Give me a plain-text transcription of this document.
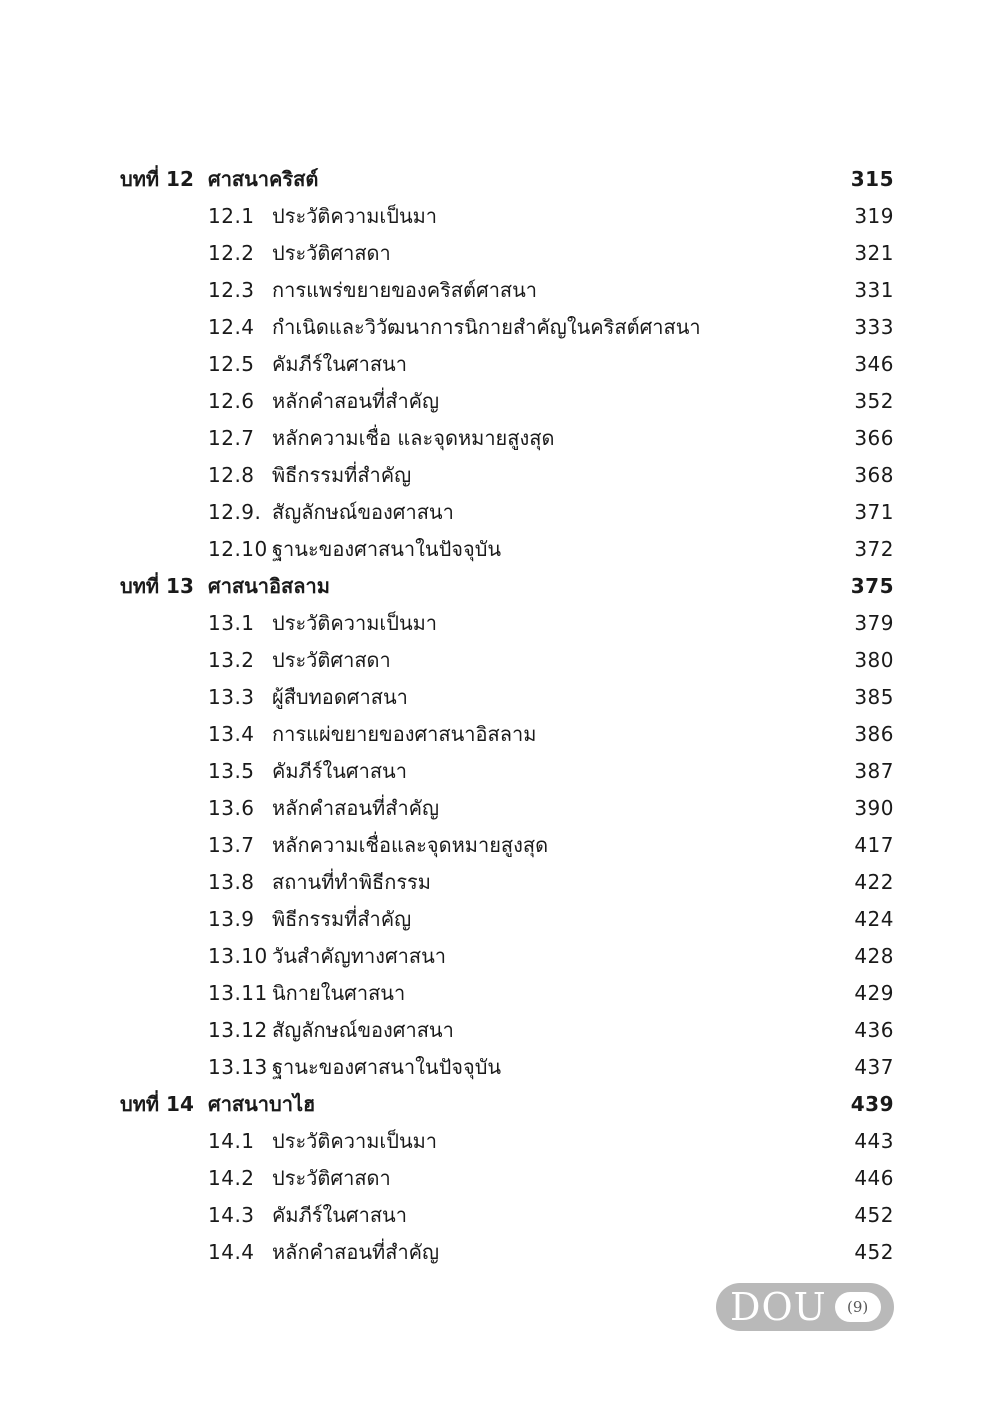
บทที่ 12 ศาสนาคริสต์	315
12.1 ประวัติความเป็นมา	319
12.2 ประวัติศาสดา	321
12.3 การแพร่ขยายของคริสต์ศาสนา	331
12.4 กำเนิดและวิวัฒนาการนิกายสำคัญในคริสต์ศาสนา	333
12.5 คัมภีร์ในศาสนา	346
12.6 หลักคำสอนที่สำคัญ	352
12.7 หลักความเชื่อ และจุดหมายสูงสุด	366
12.8 พิธีกรรมที่สำคัญ	368
12.9. สัญลักษณ์ของศาสนา	371
12.10 ฐานะของศาสนาในปัจจุบัน	372
บทที่ 13 ศาสนาอิสลาม	375
13.1 ประวัติความเป็นมา	379
13.2 ประวัติศาสดา	380
13.3 ผู้สืบทอดศาสนา	385
13.4 การแผ่ขยายของศาสนาอิสลาม	386
13.5 คัมภีร์ในศาสนา	387
13.6 หลักคำสอนที่สำคัญ	390
13.7 หลักความเชื่อและจุดหมายสูงสุด	417
13.8 สถานที่ทำพิธีกรรม	422
13.9 พิธีกรรมที่สำคัญ	424
13.10 วันสำคัญทางศาสนา	428
13.11 นิกายในศาสนา	429
13.12 สัญลักษณ์ของศาสนา	436
13.13 ฐานะของศาสนาในปัจจุบัน	437
บทที่ 14 ศาสนาบาไฮ	439
14.1 ประวัติความเป็นมา	443
14.2 ประวัติศาสดา	446
14.3 คัมภีร์ในศาสนา	452
14.4 หลักคำสอนที่สำคัญ	452
DOU	(9)
